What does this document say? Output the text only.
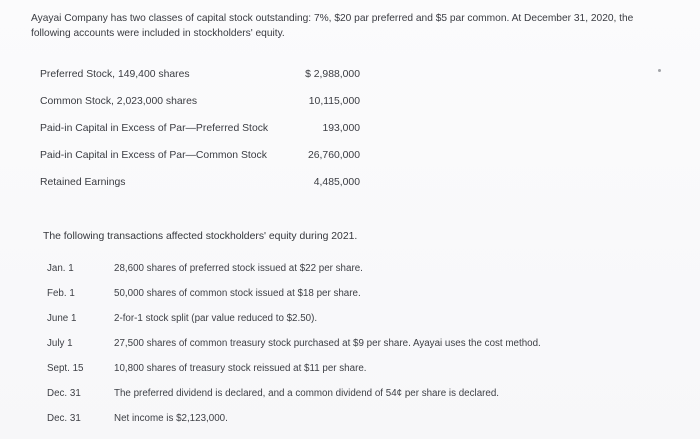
Ayayai Company has two classes of capital stock outstanding: 7%, $20 par preferred and $5 par common. At December 31, 2020, the
following accounts were included in stockholders' equity.
Preferred Stock, 149,400 shares	$ 2,988,000
Common Stock, 2,023,000 shares	10,115,000
Paid-in Capital in Excess of Par—Preferred Stock	193,000
Paid-in Capital in Excess of Par—Common Stock	26,760,000
Retained Earnings	4,485,000
The following transactions affected stockholders' equity during 2021.
Jan. 1	28,600 shares of preferred stock issued at $22 per share.
Feb. 1	50,000 shares of common stock issued at $18 per share.
June 1	2-for-1 stock split (par value reduced to $2.50).
July 1	27,500 shares of common treasury stock purchased at $9 per share. Ayayai uses the cost method.
Sept. 15	10,800 shares of treasury stock reissued at $11 per share.
Dec. 31	The preferred dividend is declared, and a common dividend of 54¢ per share is declared.
Dec. 31	Net income is $2,123,000.
